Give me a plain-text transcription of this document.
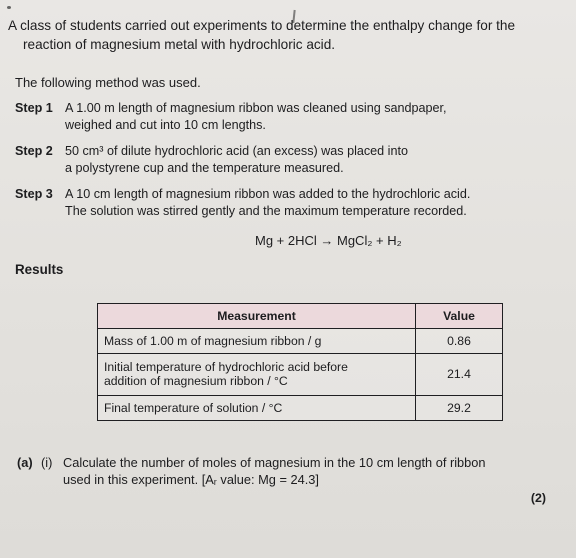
A class of students carried out experiments to determine the enthalpy change for the
reaction of magnesium metal with hydrochloric acid.
The following method was used.
Step 1 A 1.00 m length of magnesium ribbon was cleaned using sandpaper,
weighed and cut into 10 cm lengths.
Step 2 50 cm³ of dilute hydrochloric acid (an excess) was placed into
a polystyrene cup and the temperature measured.
Step 3 A 10 cm length of magnesium ribbon was added to the hydrochloric acid.
The solution was stirred gently and the maximum temperature recorded.
Mg + 2HCl → MgCl₂ + H₂
Results
Measurement	Value
Mass of 1.00 m of magnesium ribbon / g	0.86
Initial temperature of hydrochloric acid before
addition of magnesium ribbon / °C	21.4
Final temperature of solution / °C	29.2
(a) (i) Calculate the number of moles of magnesium in the 10 cm length of ribbon
used in this experiment. [Aᵣ value: Mg = 24.3]
(2)
